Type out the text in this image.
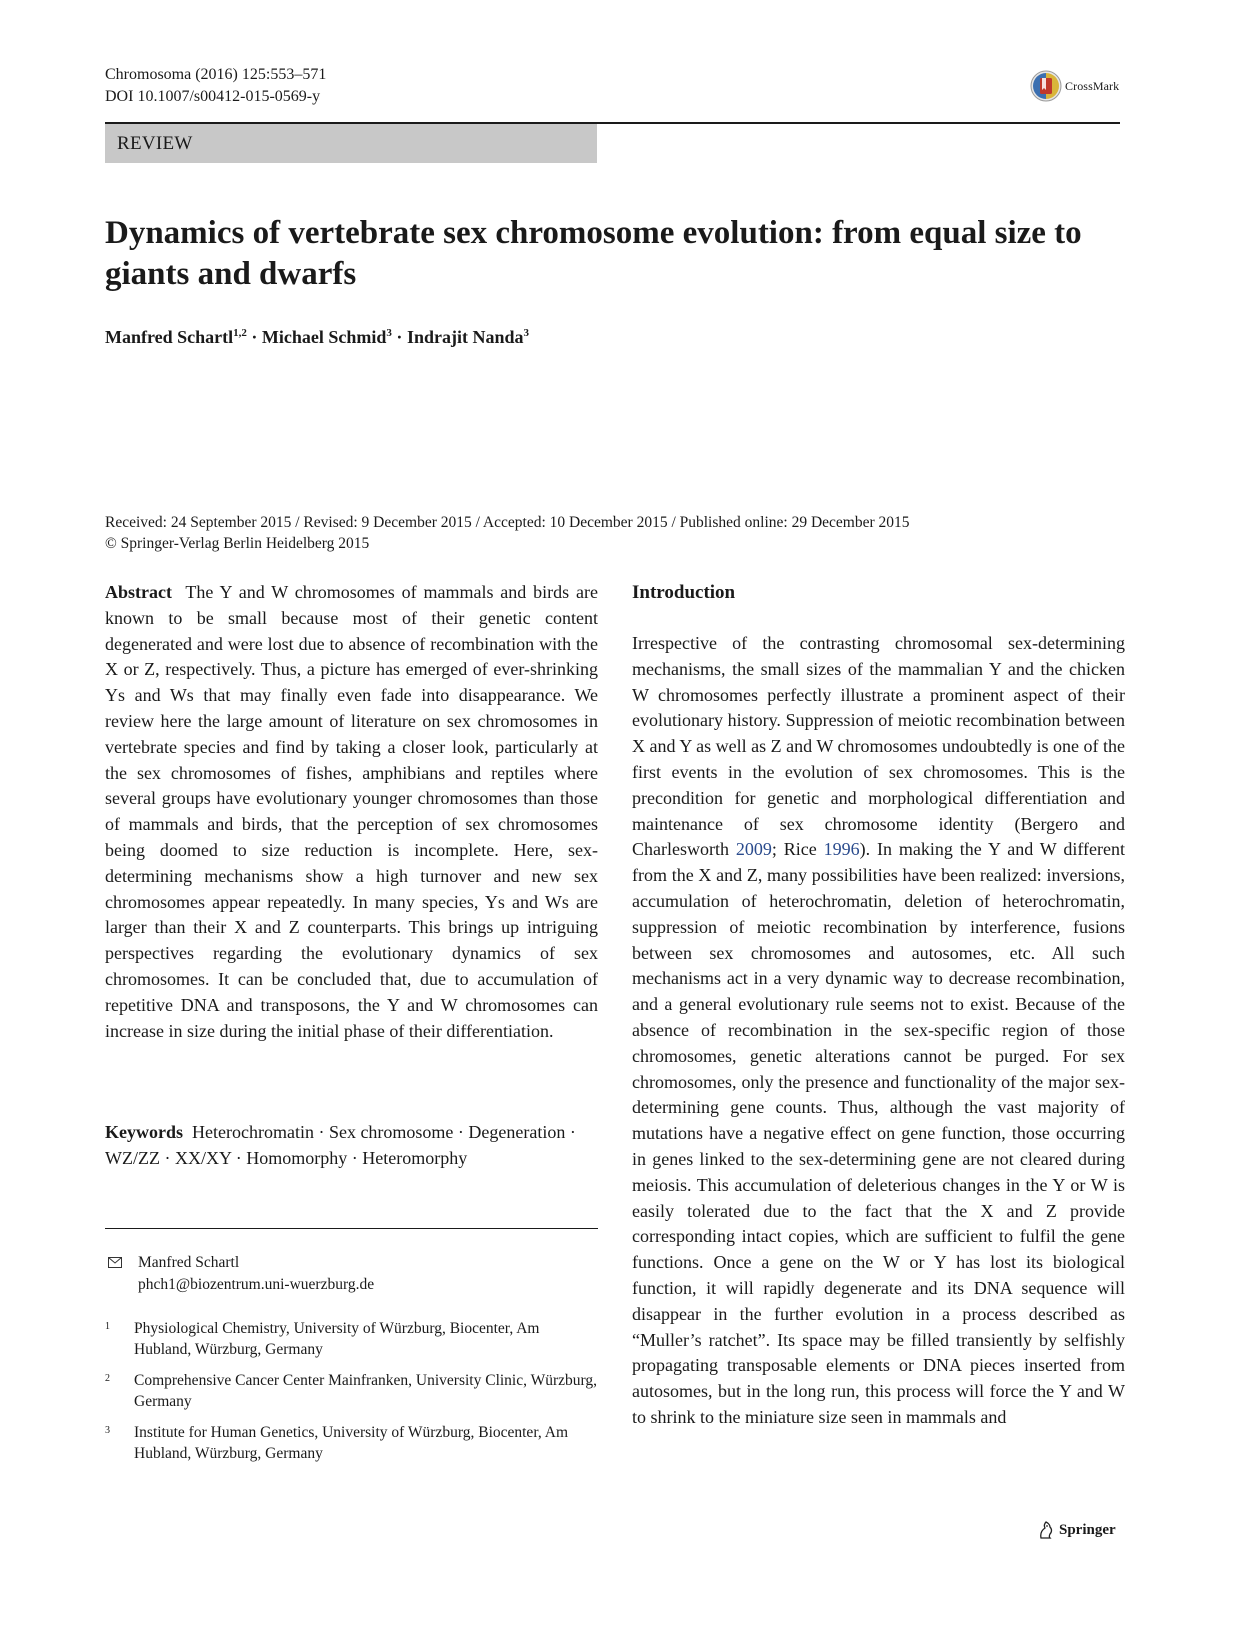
Chromosoma (2016) 125:553–571
DOI 10.1007/s00412-015-0569-y
CrossMark
REVIEW
Dynamics of vertebrate sex chromosome evolution: from equal size to giants and dwarfs
Manfred Schartl$^{1,2}$ · Michael Schmid$^3$ · Indrajit Nanda$^3$
Received: 24 September 2015 / Revised: 9 December 2015 / Accepted: 10 December 2015 / Published online: 29 December 2015
© Springer-Verlag Berlin Heidelberg 2015

Abstract The Y and W chromosomes of mammals and birds are known to be small because most of their genetic content degenerated and were lost due to absence of recombination with the X or Z, respectively. Thus, a picture has emerged of ever-shrinking Ys and Ws that may finally even fade into disappearance. We review here the large amount of literature on sex chromosomes in vertebrate species and find by taking a closer look, particularly at the sex chromosomes of fishes, amphibians and reptiles where several groups have evolutionary younger chromosomes than those of mammals and birds, that the perception of sex chromosomes being doomed to size reduction is incomplete. Here, sex-determining mechanisms show a high turnover and new sex chromosomes appear repeatedly. In many species, Ys and Ws are larger than their X and Z counterparts. This brings up intriguing perspectives regarding the evolutionary dynamics of sex chromosomes. It can be concluded that, due to accumulation of repetitive DNA and transposons, the Y and W chromosomes can increase in size during the initial phase of their differentiation.

Keywords Heterochromatin · Sex chromosome · Degeneration · WZ/ZZ · XX/XY · Homomorphy · Heteromorphy
Manfred Schartl
phch1@biozentrum.uni-wuerzburg.de
1 Physiological Chemistry, University of Würzburg, Biocenter, Am Hubland, Würzburg, Germany
2 Comprehensive Cancer Center Mainfranken, University Clinic, Würzburg, Germany
3 Institute for Human Genetics, University of Würzburg, Biocenter, Am Hubland, Würzburg, Germany
Introduction

Irrespective of the contrasting chromosomal sex-determining mechanisms, the small sizes of the mammalian Y and the chicken W chromosomes perfectly illustrate a prominent aspect of their evolutionary history. Suppression of meiotic recombination between X and Y as well as Z and W chromosomes undoubtedly is one of the first events in the evolution of sex chromosomes. This is the precondition for genetic and morphological differentiation and maintenance of sex chromosome identity (Bergero and Charlesworth 2009; Rice 1996). In making the Y and W different from the X and Z, many possibilities have been realized: inversions, accumulation of heterochromatin, deletion of heterochromatin, suppression of meiotic recombination by interference, fusions between sex chromosomes and autosomes, etc. All such mechanisms act in a very dynamic way to decrease recombination, and a general evolutionary rule seems not to exist. Because of the absence of recombination in the sex-specific region of those chromosomes, genetic alterations cannot be purged. For sex chromosomes, only the presence and functionality of the major sex-determining gene counts. Thus, although the vast majority of mutations have a negative effect on gene function, those occurring in genes linked to the sex-determining gene are not cleared during meiosis. This accumulation of deleterious changes in the Y or W is easily tolerated due to the fact that the X and Z provide corresponding intact copies, which are sufficient to fulfil the gene functions. Once a gene on the W or Y has lost its biological function, it will rapidly degenerate and its DNA sequence will disappear in the further evolution in a process described as “Muller’s ratchet”. Its space may be filled transiently by selfishly propagating transposable elements or DNA pieces inserted from autosomes, but in the long run, this process will force the Y and W to shrink to the miniature size seen in mammals and

Springer
